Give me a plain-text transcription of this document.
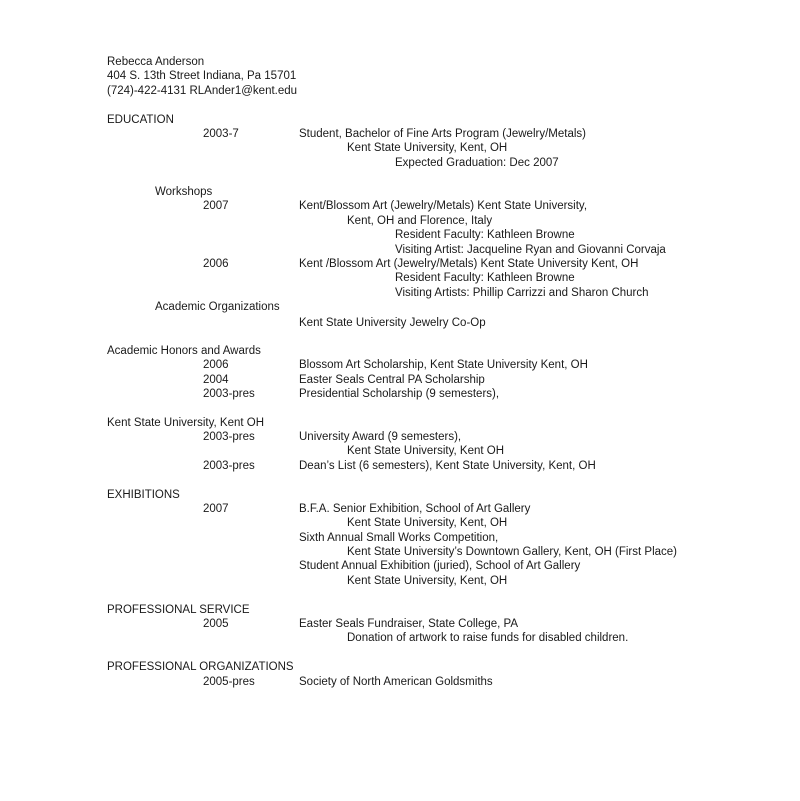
Rebecca Anderson
404 S. 13th Street Indiana, Pa 15701
(724)-422-4131 RLAnder1@kent.edu
EDUCATION
2003-7	Student, Bachelor of Fine Arts Program (Jewelry/Metals)
Kent State University, Kent, OH
Expected Graduation: Dec 2007
Workshops
2007	Kent/Blossom Art (Jewelry/Metals) Kent State University,
Kent, OH and Florence, Italy
Resident Faculty: Kathleen Browne
Visiting Artist: Jacqueline Ryan and Giovanni Corvaja
2006	Kent /Blossom Art (Jewelry/Metals) Kent State University Kent, OH
Resident Faculty: Kathleen Browne
Visiting Artists: Phillip Carrizzi and Sharon Church
Academic Organizations
Kent State University Jewelry Co-Op
Academic Honors and Awards
2006	Blossom Art Scholarship, Kent State University Kent, OH
2004	Easter Seals Central PA Scholarship
2003-pres	Presidential Scholarship (9 semesters),
Kent State University, Kent OH
2003-pres	University Award (9 semesters),
Kent State University, Kent OH
2003-pres	Dean’s List (6 semesters), Kent State University, Kent, OH
EXHIBITIONS
2007	B.F.A. Senior Exhibition, School of Art Gallery
Kent State University, Kent, OH
Sixth Annual Small Works Competition,
Kent State University’s Downtown Gallery, Kent, OH (First Place)
Student Annual Exhibition (juried), School of Art Gallery
Kent State University, Kent, OH
PROFESSIONAL SERVICE
2005	Easter Seals Fundraiser, State College, PA
Donation of artwork to raise funds for disabled children.
PROFESSIONAL ORGANIZATIONS
2005-pres	Society of North American Goldsmiths
